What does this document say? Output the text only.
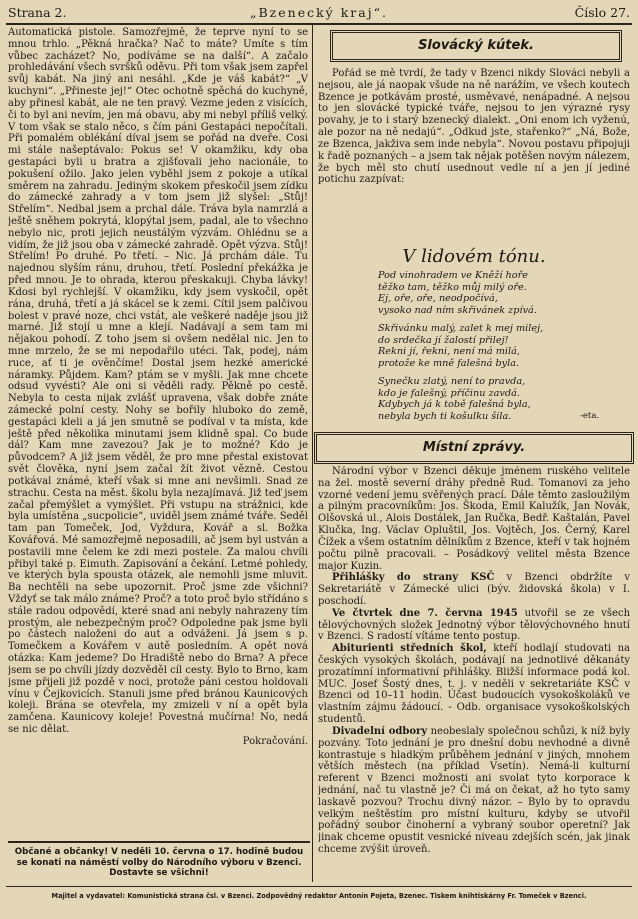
Strana 2.	„Bzenecký kraj“.	Číslo 27.

Automatická pistole. Samozřejmě, že teprve nyní to se mnou trhlo. „Pěkná hračka? Nač to máte? Umíte s tím vůbec zacházet? No, podíváme se na další“. A začalo prohledávání všech svršků oděvu. Při tom však jsem zapřel svůj kabát. Na jiný ani nesáhl. „Kde je váš kabát?“ „V kuchyni“. „Přineste jej!“ Otec ochotně spěchá do kuchyně, aby přinesl kabát, ale ne ten pravý. Vezme jeden z visících, či to byl ani nevím, jen má obavu, aby mi nebyl příliš velký. V tom však se stalo něco, s čím páni Gestapáci nepočítali. Při pomalém oblékání díval jsem se pořád na dveře. Cosi mi stále našeptávalo: Pokus se! V okamžiku, kdy oba gestapáci byli u bratra a zjišťovali jeho nacionále, to pokušení ožilo. Jako jelen vyběhl jsem z pokoje a utíkal směrem na zahradu. Jediným skokem přeskočil jsem zídku do zámecké zahrady a v tom jsem již slyšel: „Stůj! Střelím“. Nedbal jsem a prchal dále. Tráva byla namrzlá a ještě sněhem pokrytá, klopýtal jsem, padal, ale to všechno nebylo nic, proti jejich neustálým výzvám. Ohlédnu se a vidím, že již jsou oba v zámecké zahradě. Opět výzva. Stůj! Střelím! Po druhé. Po třetí. – Nic. Já prchám dále. Tu najednou slyším ránu, druhou, třetí. Poslední překážka je před mnou. Je to ohrada, kterou přeskakuji. Chyba lávky! Kdosi byl rychlejší. V okamžiku, kdy jsem vyskočil, opět rána, druhá, třetí a já skácel se k zemi. Cítil jsem palčivou bolest v pravé noze, chci vstát, ale veškeré naděje jsou již marné. Již stojí u mne a klejí. Nadávají a sem tam mi nějakou pohodí. Z toho jsem si ovšem nedělal nic. Jen to mne mrzelo, že se mi nepodařilo utéci. Tak, podej, nám ruce, ať ti je ověnčíme! Dostal jsem hezké americké náramky. Půjdem. Kam? ptám se v myšli. Jak mne chcete odsud vyvésti? Ale oni si věděli rady. Pěkně po cestě. Nebyla to cesta nijak zvlášť upravena, však dobře znáte zámecké polní cesty. Nohy se bořily hluboko do země, gestapáci kleli a já jen smutně se podíval v ta místa, kde ještě před několika minutami jsem klidně spal. Co bude dál? Kam mne zavezou? Jak je to možné? Kdo je původcem? A již jsem věděl, že pro mne přestal existovat svět člověka, nyní jsem začal žít život vězně. Cestou potkával známé, kteří však si mne ani nevšimli. Snad ze strachu. Cesta na měst. školu byla nezajímavá. Již teď jsem začal přemýšlet a vymýšlet. Při vstupu na strážnici, kde byla umístěna „sucpolicie“, uviděl jsem známé tváře. Seděl tam pan Tomeček, Jod, Vyždura, Kovář a sl. Božka Kovářová. Mé samozřejmě neposadili, ač jsem byl ustván a postavili mne čelem ke zdi mezi postele. Za malou chvíli přibyl také p. Eimuth. Zapisování a čekání. Letmé pohledy, ve kterých byla spousta otázek, ale nemohli jsme mluvit. Ba nechtěli na sebe upozornit. Proč jsme zde všichni? Vždyť se tak málo známe? Proč? a toto proč bylo střídáno s stále radou odpovědí, které snad ani nebyly nahrazeny tím prostým, ale nebezpečným proč? Odpoledne pak jsme byli po částech naloženi do aut a odváženi. Já jsem s p. Tomečkem a Kovářem v autě posledním. A opět nová otázka: Kam jedeme? Do Hradiště nebo do Brna? A přece jsem se po chvíli jízdy dozvěděl cíl cesty. Bylo to Brno, kam jsme přijeli již pozdě v noci, protože páni cestou holdovali vínu v Čejkovicích. Stanuli jsme před bránou Kaunicových koleji. Brána se otevřela, my zmizeli v ní a opět byla zamčena. Kaunicovy koleje! Povestná mučírna! No, nedá se nic dělat.

Pokračování.

Občané a občanky! V neděli 10. června o 17. hodině budou se konati na náměstí volby do Národního výboru v Bzenci. Dostavte se všichni!
Slovácký kútek.

Pořád se mě tvrdí, že tady v Bzenci nikdy Slováci nebyli a nejsou, ale já naopak všude na ně narážím, ve všech koutech Bzence je potkávám prosté, usměvavé, nenápadné. A nejsou to jen slovácké typické tváře, nejsou to jen výrazné rysy povahy, je to i starý bzenecký dialekt. „Oni enom ich vyženú, ale pozor na ně nedajú“. „Odkud jste, stařenko?“ „Ná, Bože, ze Bzenca, jakživa sem inde nebyla“. Novou postavu připojuji k řadě poznaných – a jsem tak nějak potěšen novým nálezem, že bych měl sto chutí usednout vedle ní a jen jí jediné potichu zazpívat:

V lidovém tónu.
Pod vinohradem ve Kněží hoře
těžko tam, těžko můj milý oře.
Ej, oře, oře, neodpočívá,
vysoko nad ním skřivánek zpívá.
Skřivánku malý, zalet k mej milej,
do srdečka jí žalostí přilej!
Rekni jí, řekni, není má milá,
protože ke mně falešná byla.
Synečku zlatý, není to pravda,
kdo je falešný, příčinu zavdá.
Kdybych já k tobě falešná byla,
nebyla bych ti košulku šila.	-eta.
Místní zprávy.

Národní výbor v Bzenci děkuje jménem ruského velitele na žel. mostě severní dráhy předně Rud. Tomanovi za jeho vzorné vedení jemu svěřených prací. Dále těmto zasloužilým a pilným pracovníkům: Jos. Škoda, Emil Kalužík, Jan Novák, Olšovská ul., Alois Dostálek, Jan Ručka, Bedř. Kaštalán, Pavel Klučka, Ing. Václav Opluštil, Jos. Vojtěch, Jos. Černý, Karel Čížek a všem ostatním dělníkům z Bzence, kteří v tak hojném počtu pilně pracovali. – Posádkový velitel města Bzence major Kuzin.

Přihlášky do strany KSČ v Bzenci obdržíte v Sekretariátě v Zámecké ulici (býv. židovská škola) v I. poschodí.

Ve čtvrtek dne 7. června 1945 utvořil se ze všech tělovýchovných složek Jednotný výbor tělovýchovného hnutí v Bzenci. S radostí vítáme tento postup.

Abiturienti středních škol, kteří hodlají studovati na českých vysokých školách, podávají na jednotlivé děkanáty prozatímní informativní přihlášky. Bližší informace podá kol. MUC. Josef Šostý dnes, t. j. v neděli v sekretariáte KSČ v Bzenci od 10–11 hodin. Účast budoucích vysokoškoláků ve vlastním zájmu žádoucí. - Odb. organisace vysokoškolských studentů.

Divadelní odbory neobeslaly společnou schůzi, k níž byly pozvány. Toto jednání je pro dnešní dobu nevhodné a divně kontrastuje s hladkým průběhem jednání v jiných, mnohem větších městech (na příklad Vsetín). Nemá-li kulturní referent v Bzenci možnosti ani svolat tyto korporace k jednání, nač tu vlastně je? Či má on čekat, až ho tyto samy laskavě pozvou? Trochu divný názor. – Bylo by to opravdu velkým neštěstím pro místní kulturu, kdyby se utvořil pořádný soubor činoherní a vybraný soubor operetní? Jak jinak chceme opustit vesnické niveau zdejších scén, jak jinak chceme zvýšit úroveň.

Majitel a vydavatel: Komunistická strana čsl. v Bzenci. Zodpovědný redaktor Antonín Pojeta, Bzenec. Tiskem knihtiskárny Fr. Tomeček v Bzenci.
